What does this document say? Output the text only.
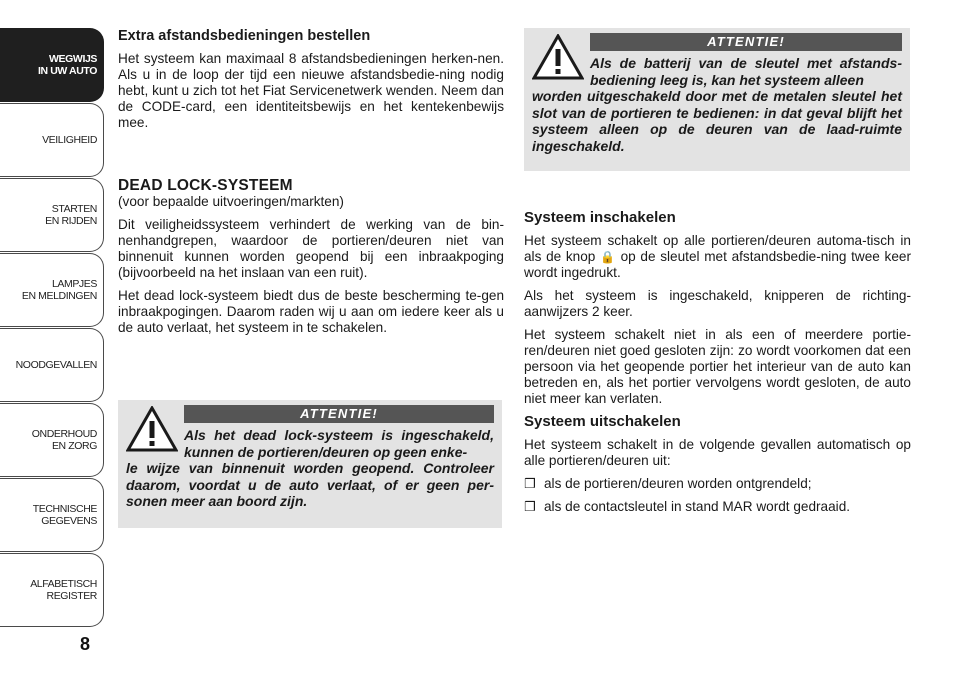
WEGWIJS
IN UW AUTO
VEILIGHEID
STARTEN
EN RIJDEN
LAMPJES
EN MELDINGEN
NOODGEVALLEN
ONDERHOUD
EN ZORG
TECHNISCHE
GEGEVENS
ALFABETISCH
REGISTER
8
Extra afstandsbedieningen bestellen

Het systeem kan maximaal 8 afstandsbedieningen herken-nen. Als u in de loop der tijd een nieuwe afstandsbedie-ning nodig hebt, kunt u zich tot het Fiat Servicenetwerk wenden. Neem dan de CODE-card, een identiteitsbewijs en het kentekenbewijs mee.

DEAD LOCK-SYSTEEM

(voor bepaalde uitvoeringen/markten)

Dit veiligheidssysteem verhindert de werking van de bin-nenhandgrepen, waardoor de portieren/deuren niet van binnenuit kunnen worden geopend bij een inbraakpoging (bijvoorbeeld na het inslaan van een ruit).

Het dead lock-systeem biedt dus de beste bescherming te-gen inbraakpogingen. Daarom raden wij u aan om iedere keer als u de auto verlaat, het systeem in te schakelen.

ATTENTIE!
Als het dead lock-systeem is ingeschakeld, kunnen de portieren/deuren op geen enke-
le wijze van binnenuit worden geopend. Controleer daarom, voordat u de auto verlaat, of er geen per-sonen meer aan boord zijn.
ATTENTIE!
Als de batterij van de sleutel met afstands-bediening leeg is, kan het systeem alleen
worden uitgeschakeld door met de metalen sleutel het slot van de portieren te bedienen: in dat geval blijft het systeem alleen op de deuren van de laad-ruimte ingeschakeld.
Systeem inschakelen

Het systeem schakelt op alle portieren/deuren automa-tisch in als de knop 🔒 op de sleutel met afstandsbedie-ning twee keer wordt ingedrukt.

Als het systeem is ingeschakeld, knipperen de richting-aanwijzers 2 keer.

Het systeem schakelt niet in als een of meerdere portie-ren/deuren niet goed gesloten zijn: zo wordt voorkomen dat een persoon via het geopende portier het interieur van de auto kan betreden en, als het portier vervolgens wordt gesloten, de auto niet meer kan verlaten.

Systeem uitschakelen

Het systeem schakelt in de volgende gevallen automatisch op alle portieren/deuren uit:

❒ als de portieren/deuren worden ontgrendeld;
❒ als de contactsleutel in stand MAR wordt gedraaid.
